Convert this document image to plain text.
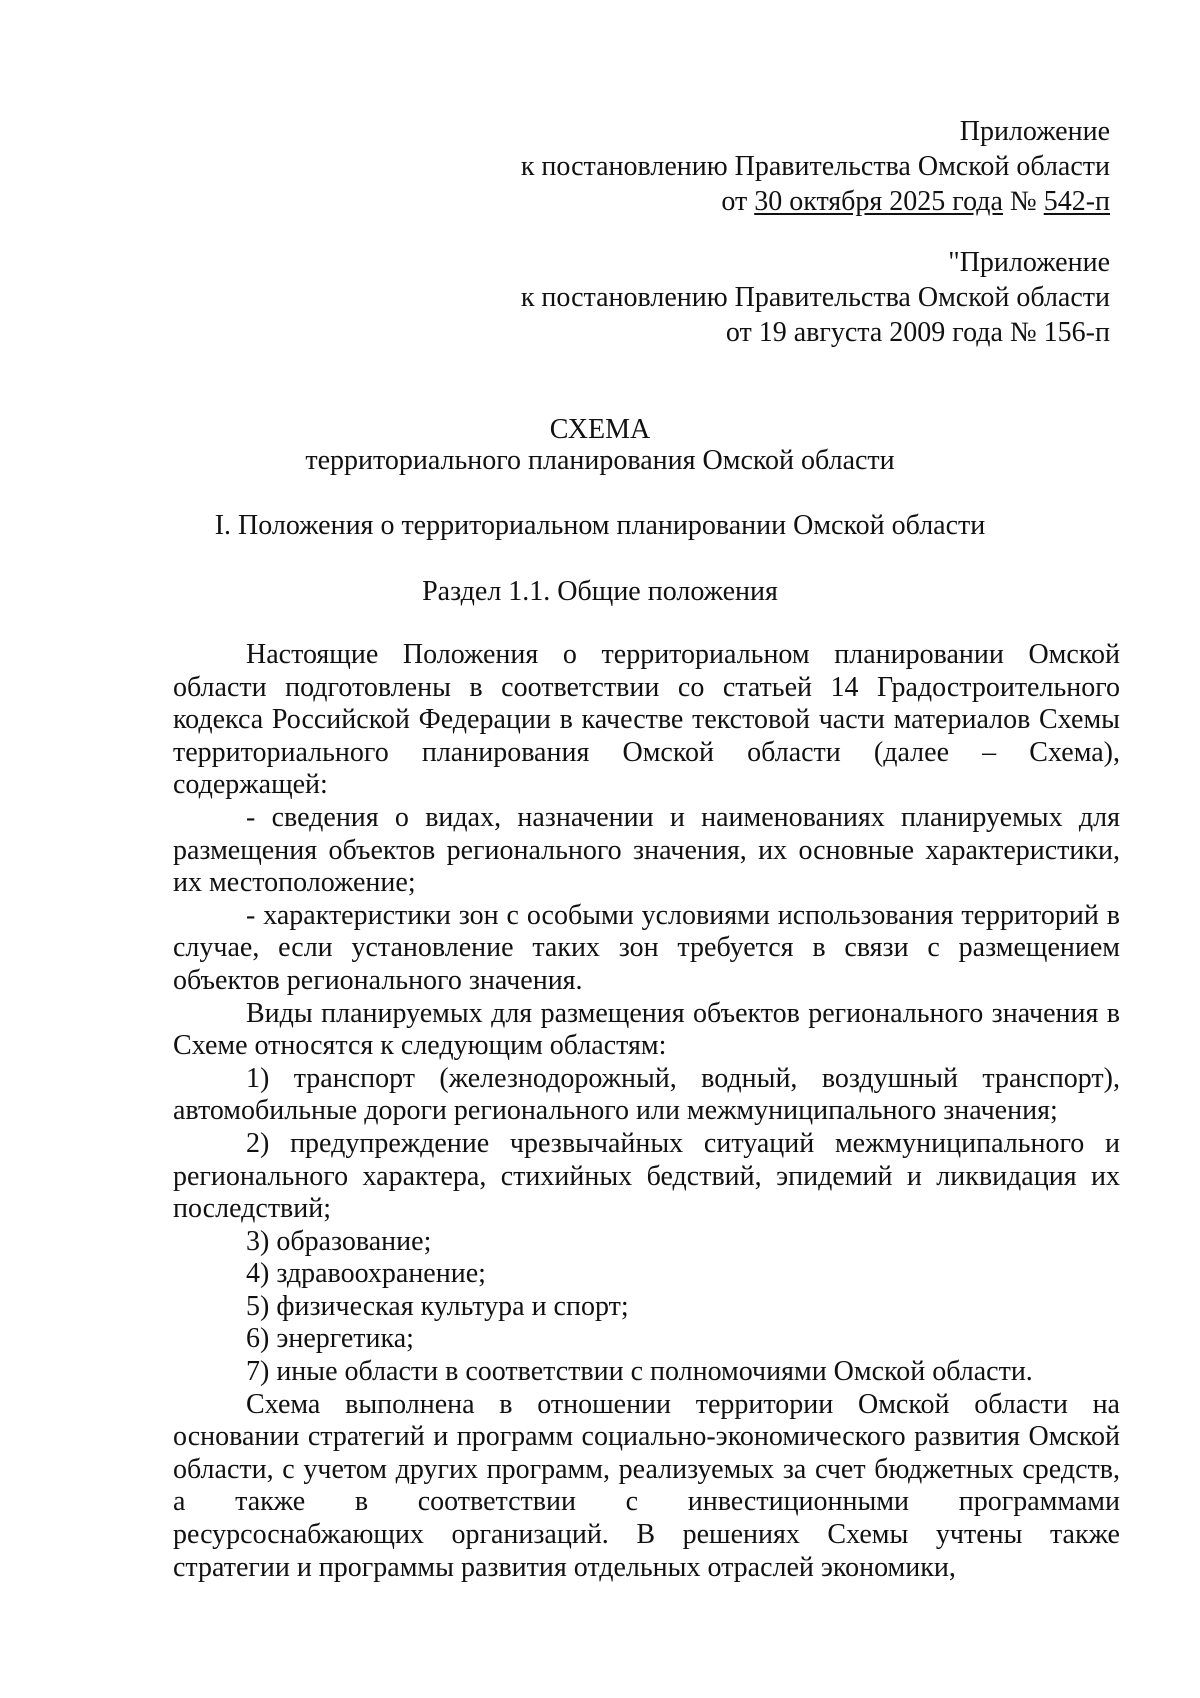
Приложение

к постановлению Правительства Омской области

от 30 октября 2025 года № 542-п

"Приложение

к постановлению Правительства Омской области

от 19 августа 2009 года № 156-п

СХЕМА

территориального планирования Омской области

I. Положения о территориальном планировании Омской области

Раздел 1.1. Общие положения

Настоящие Положения о территориальном планировании Омской области подготовлены в соответствии со статьей 14 Градостроительного кодекса Российской Федерации в качестве текстовой части материалов Схемы территориального планирования Омской области (далее – Схема), содержащей:

- сведения о видах, назначении и наименованиях планируемых для размещения объектов регионального значения, их основные характеристики, их местоположение;

- характеристики зон с особыми условиями использования территорий в случае, если установление таких зон требуется в связи с размещением объектов регионального значения.

Виды планируемых для размещения объектов регионального значения в Схеме относятся к следующим областям:

1) транспорт (железнодорожный, водный, воздушный транспорт), автомобильные дороги регионального или межмуниципального значения;

2) предупреждение чрезвычайных ситуаций межмуниципального и регионального характера, стихийных бедствий, эпидемий и ликвидация их последствий;

3) образование;

4) здравоохранение;

5) физическая культура и спорт;

6) энергетика;

7) иные области в соответствии с полномочиями Омской области.

Схема выполнена в отношении территории Омской области на основании стратегий и программ социально-экономического развития Омской области, с учетом других программ, реализуемых за счет бюджетных средств, а также в соответствии с инвестиционными программами ресурсоснабжающих организаций. В решениях Схемы учтены также стратегии и программы развития отдельных отраслей экономики,
